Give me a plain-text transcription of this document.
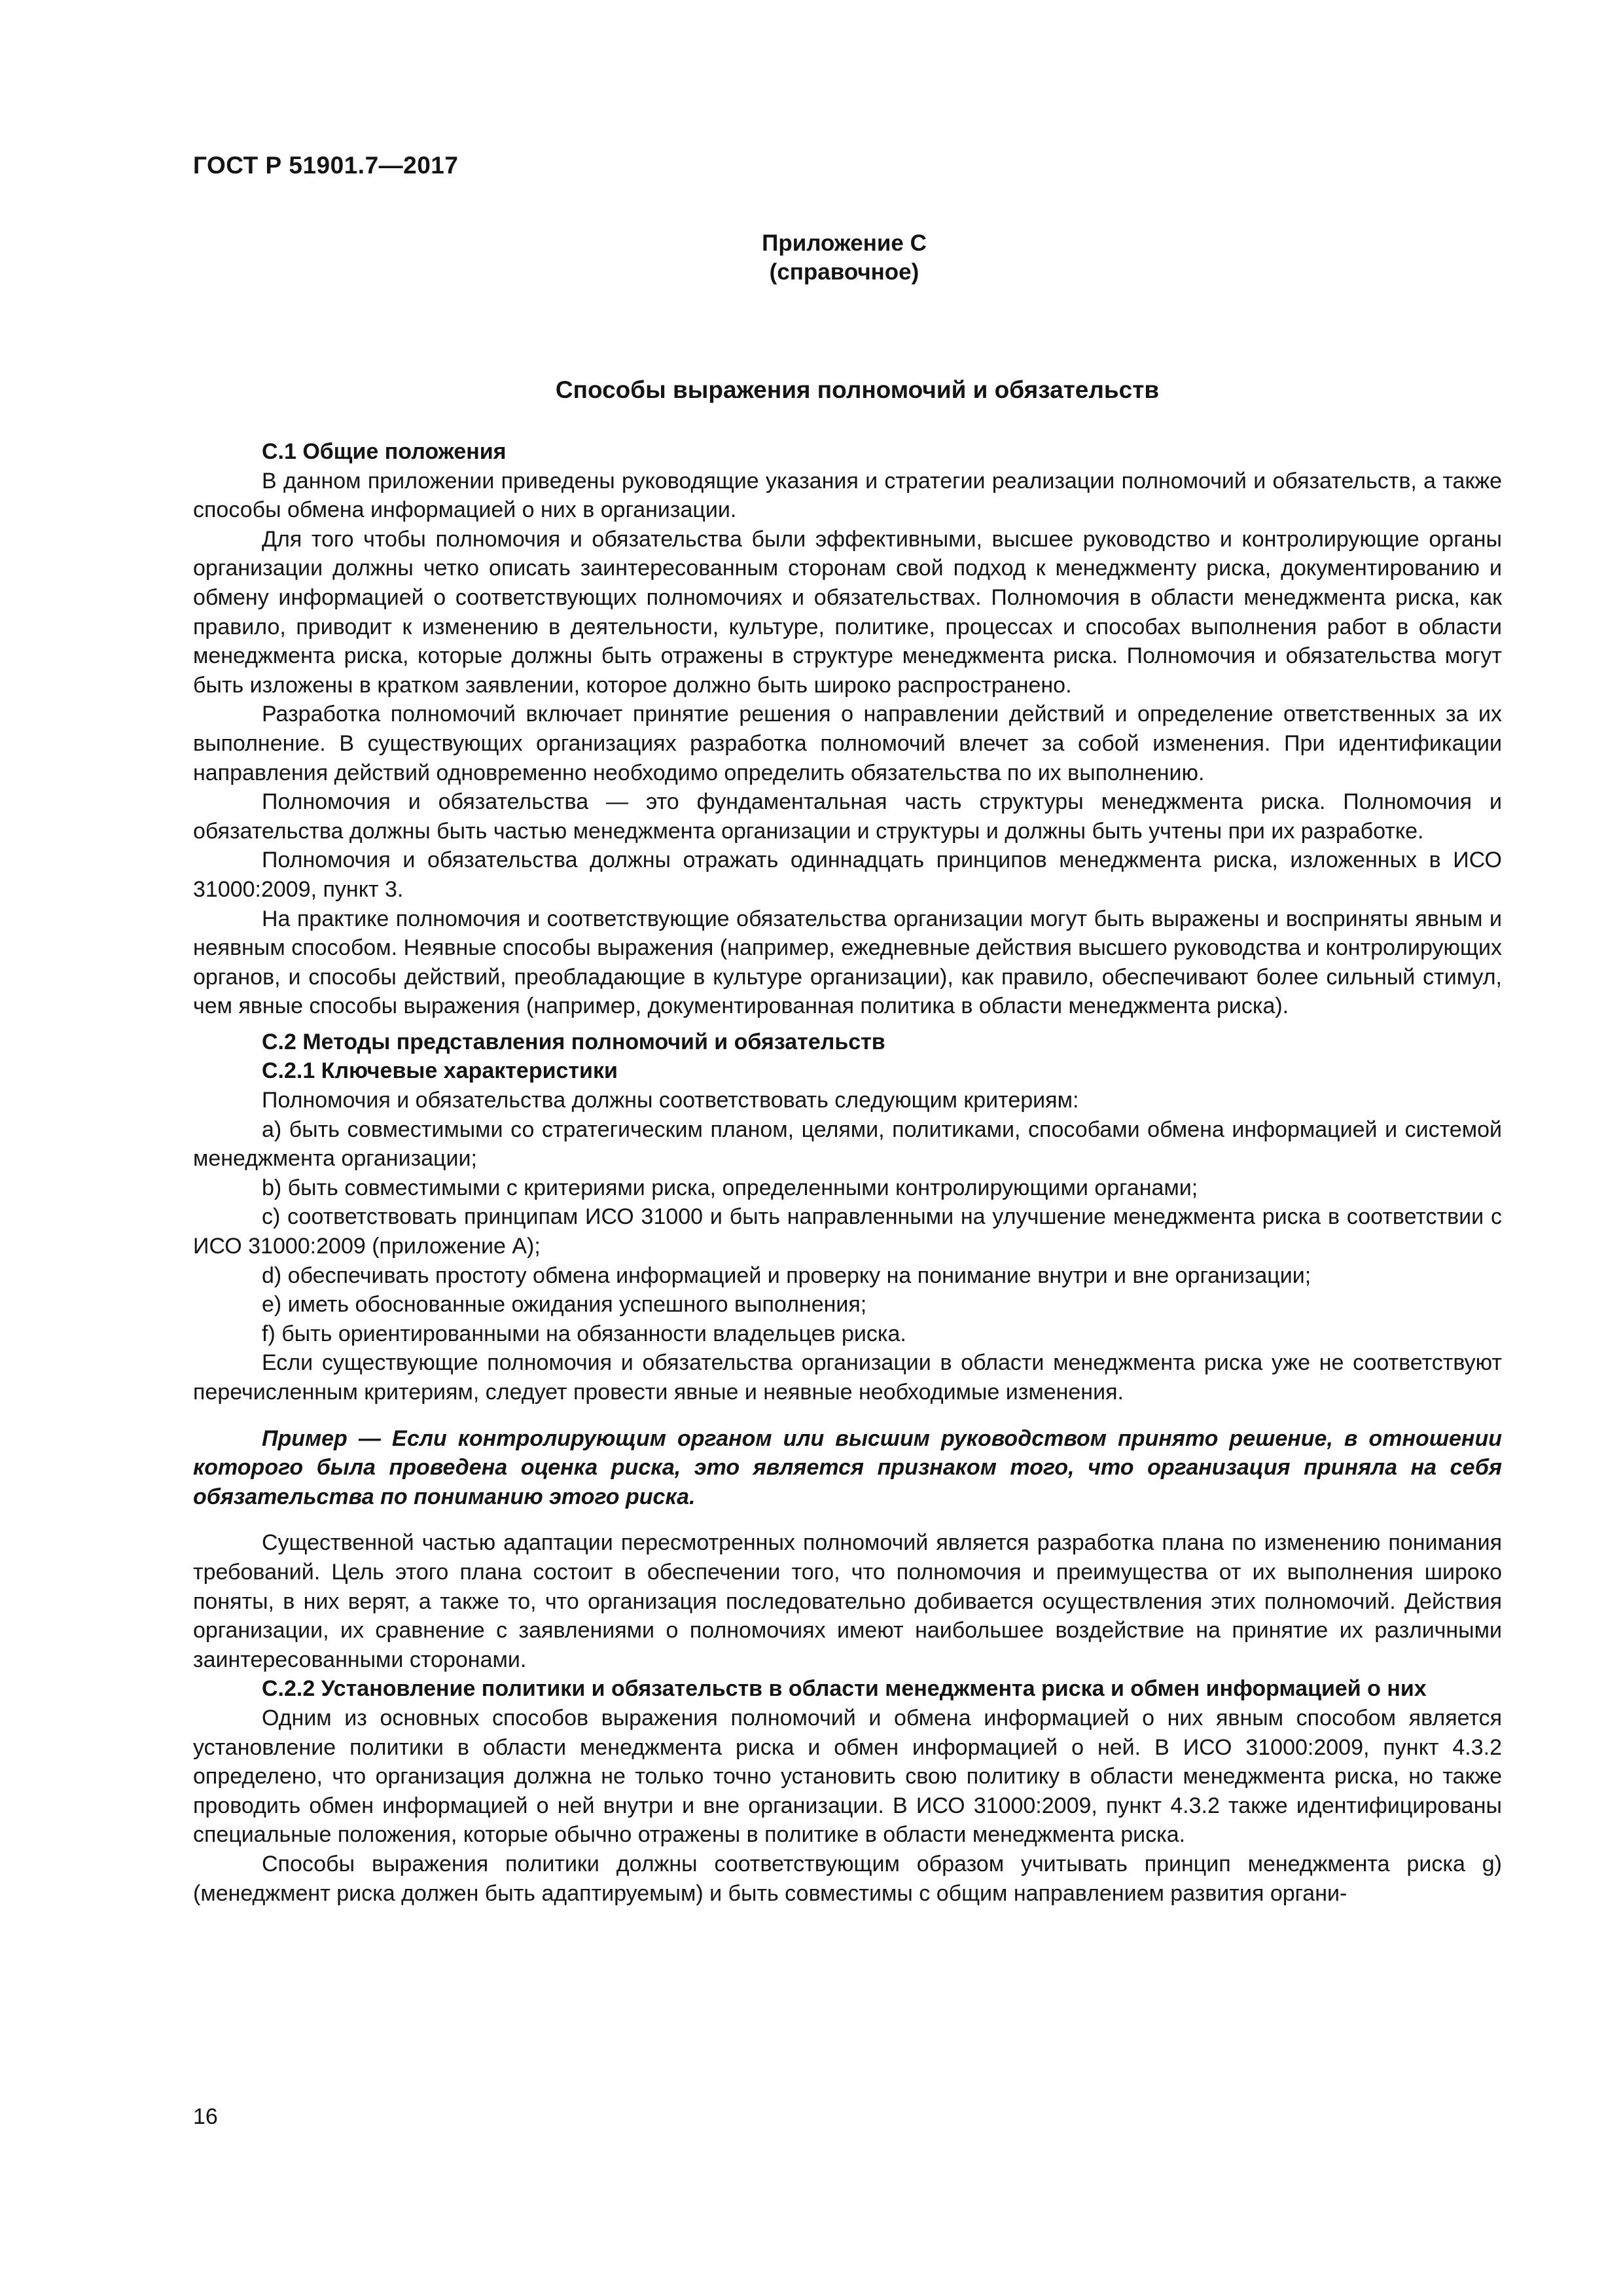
ГОСТ Р 51901.7—2017
Приложение С
(справочное)
Способы выражения полномочий и обязательств
С.1 Общие положения

В данном приложении приведены руководящие указания и стратегии реализации полномочий и обязательств, а также способы обмена информацией о них в организации.

Для того чтобы полномочия и обязательства были эффективными, высшее руководство и контролирующие органы организации должны четко описать заинтересованным сторонам свой подход к менеджменту риска, документированию и обмену информацией о соответствующих полномочиях и обязательствах. Полномочия в области менеджмента риска, как правило, приводит к изменению в деятельности, культуре, политике, процессах и способах выполнения работ в области менеджмента риска, которые должны быть отражены в структуре менеджмента риска. Полномочия и обязательства могут быть изложены в кратком заявлении, которое должно быть широко распространено.

Разработка полномочий включает принятие решения о направлении действий и определение ответственных за их выполнение. В существующих организациях разработка полномочий влечет за собой изменения. При идентификации направления действий одновременно необходимо определить обязательства по их выполнению.

Полномочия и обязательства — это фундаментальная часть структуры менеджмента риска. Полномочия и обязательства должны быть частью менеджмента организации и структуры и должны быть учтены при их разработке.

Полномочия и обязательства должны отражать одиннадцать принципов менеджмента риска, изложенных в ИСО 31000:2009, пункт 3.

На практике полномочия и соответствующие обязательства организации могут быть выражены и восприняты явным и неявным способом. Неявные способы выражения (например, ежедневные действия высшего руководства и контролирующих органов, и способы действий, преобладающие в культуре организации), как правило, обеспечивают более сильный стимул, чем явные способы выражения (например, документированная политика в области менеджмента риска).

С.2 Методы представления полномочий и обязательств
С.2.1 Ключевые характеристики

Полномочия и обязательства должны соответствовать следующим критериям:

a) быть совместимыми со стратегическим планом, целями, политиками, способами обмена информацией и системой менеджмента организации;

b) быть совместимыми с критериями риска, определенными контролирующими органами;

c) соответствовать принципам ИСО 31000 и быть направленными на улучшение менеджмента риска в соответствии с ИСО 31000:2009 (приложение А);

d) обеспечивать простоту обмена информацией и проверку на понимание внутри и вне организации;

e) иметь обоснованные ожидания успешного выполнения;

f) быть ориентированными на обязанности владельцев риска.

Если существующие полномочия и обязательства организации в области менеджмента риска уже не соответствуют перечисленным критериям, следует провести явные и неявные необходимые изменения.

Пример — Если контролирующим органом или высшим руководством принято решение, в отношении которого была проведена оценка риска, это является признаком того, что организация приняла на себя обязательства по пониманию этого риска.

Существенной частью адаптации пересмотренных полномочий является разработка плана по изменению понимания требований. Цель этого плана состоит в обеспечении того, что полномочия и преимущества от их выполнения широко поняты, в них верят, а также то, что организация последовательно добивается осуществления этих полномочий. Действия организации, их сравнение с заявлениями о полномочиях имеют наибольшее воздействие на принятие их различными заинтересованными сторонами.

С.2.2 Установление политики и обязательств в области менеджмента риска и обмен информацией о них

Одним из основных способов выражения полномочий и обмена информацией о них явным способом является установление политики в области менеджмента риска и обмен информацией о ней. В ИСО 31000:2009, пункт 4.3.2 определено, что организация должна не только точно установить свою политику в области менеджмента риска, но также проводить обмен информацией о ней внутри и вне организации. В ИСО 31000:2009, пункт 4.3.2 также идентифицированы специальные положения, которые обычно отражены в политике в области менеджмента риска.

Способы выражения политики должны соответствующим образом учитывать принцип менеджмента риска g) (менеджмент риска должен быть адаптируемым) и быть совместимы с общим направлением развития органи-

16
